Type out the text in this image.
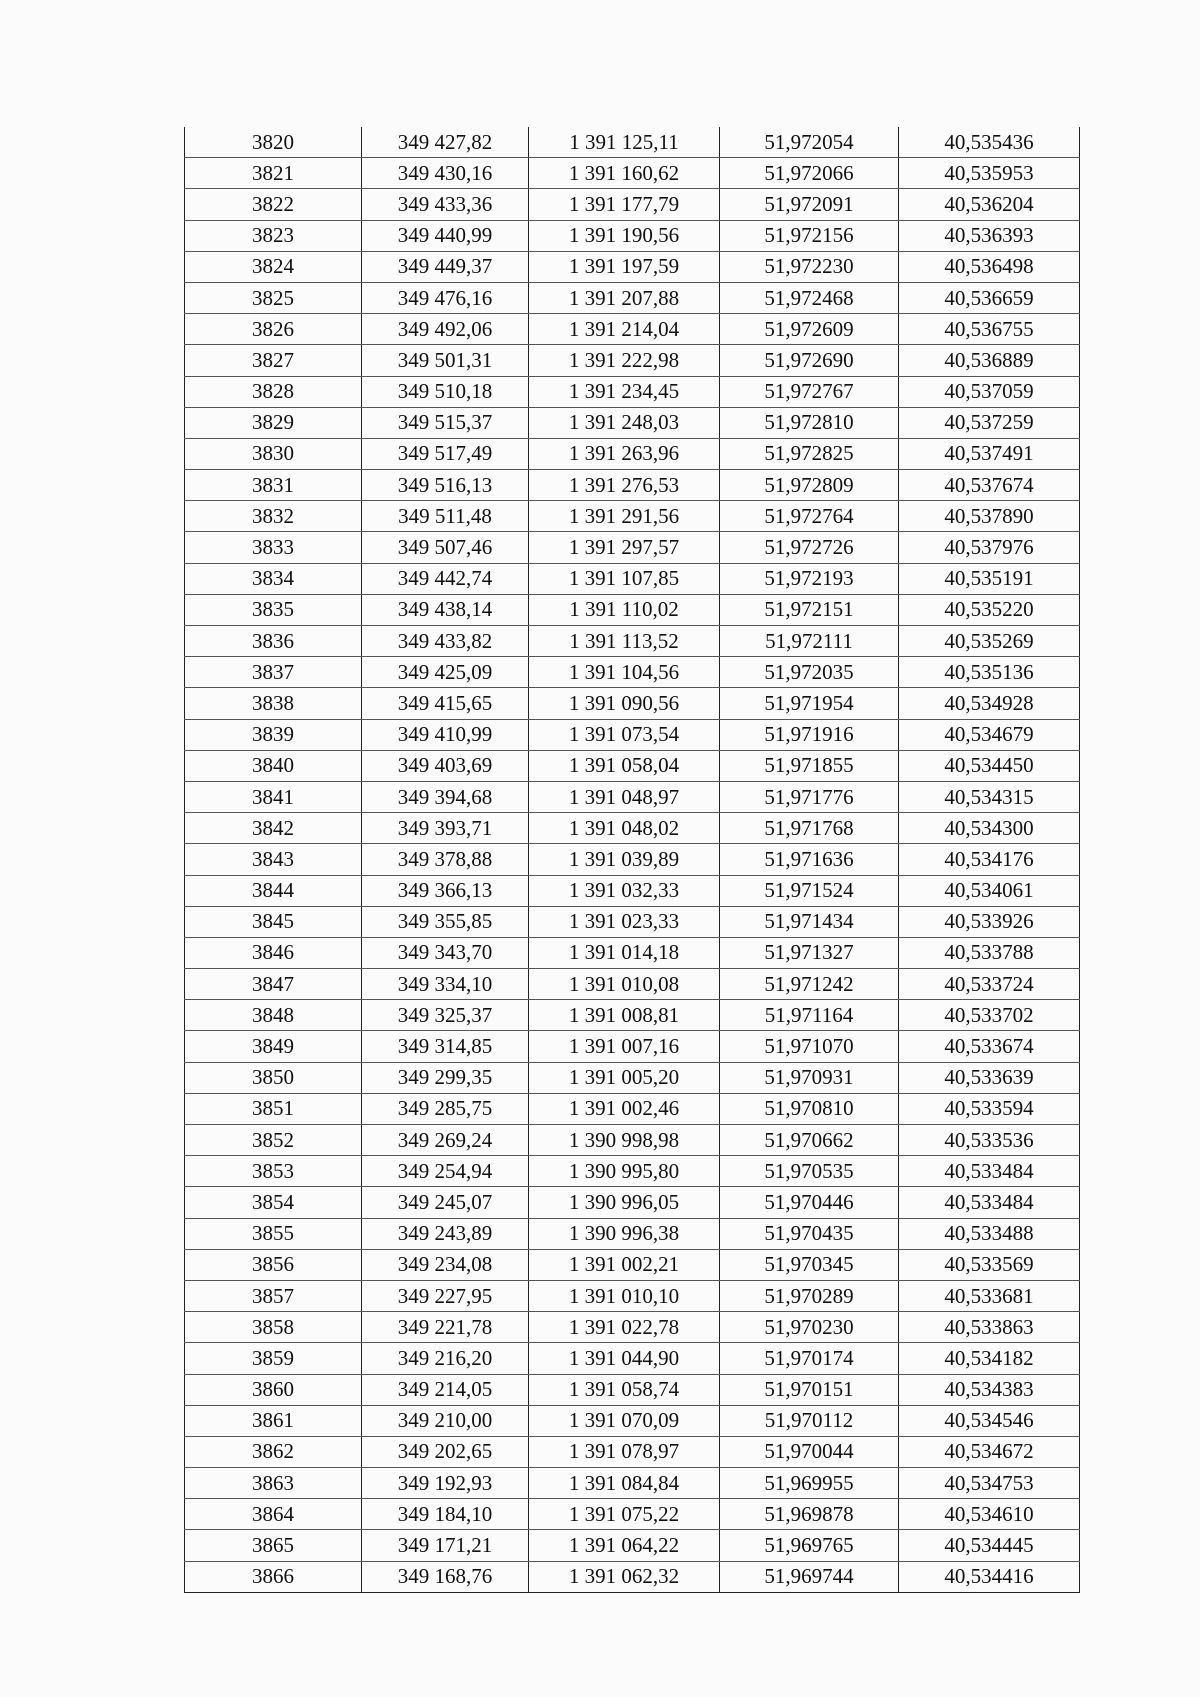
3820	349 427,82	1 391 125,11	51,972054	40,535436
3821	349 430,16	1 391 160,62	51,972066	40,535953
3822	349 433,36	1 391 177,79	51,972091	40,536204
3823	349 440,99	1 391 190,56	51,972156	40,536393
3824	349 449,37	1 391 197,59	51,972230	40,536498
3825	349 476,16	1 391 207,88	51,972468	40,536659
3826	349 492,06	1 391 214,04	51,972609	40,536755
3827	349 501,31	1 391 222,98	51,972690	40,536889
3828	349 510,18	1 391 234,45	51,972767	40,537059
3829	349 515,37	1 391 248,03	51,972810	40,537259
3830	349 517,49	1 391 263,96	51,972825	40,537491
3831	349 516,13	1 391 276,53	51,972809	40,537674
3832	349 511,48	1 391 291,56	51,972764	40,537890
3833	349 507,46	1 391 297,57	51,972726	40,537976
3834	349 442,74	1 391 107,85	51,972193	40,535191
3835	349 438,14	1 391 110,02	51,972151	40,535220
3836	349 433,82	1 391 113,52	51,972111	40,535269
3837	349 425,09	1 391 104,56	51,972035	40,535136
3838	349 415,65	1 391 090,56	51,971954	40,534928
3839	349 410,99	1 391 073,54	51,971916	40,534679
3840	349 403,69	1 391 058,04	51,971855	40,534450
3841	349 394,68	1 391 048,97	51,971776	40,534315
3842	349 393,71	1 391 048,02	51,971768	40,534300
3843	349 378,88	1 391 039,89	51,971636	40,534176
3844	349 366,13	1 391 032,33	51,971524	40,534061
3845	349 355,85	1 391 023,33	51,971434	40,533926
3846	349 343,70	1 391 014,18	51,971327	40,533788
3847	349 334,10	1 391 010,08	51,971242	40,533724
3848	349 325,37	1 391 008,81	51,971164	40,533702
3849	349 314,85	1 391 007,16	51,971070	40,533674
3850	349 299,35	1 391 005,20	51,970931	40,533639
3851	349 285,75	1 391 002,46	51,970810	40,533594
3852	349 269,24	1 390 998,98	51,970662	40,533536
3853	349 254,94	1 390 995,80	51,970535	40,533484
3854	349 245,07	1 390 996,05	51,970446	40,533484
3855	349 243,89	1 390 996,38	51,970435	40,533488
3856	349 234,08	1 391 002,21	51,970345	40,533569
3857	349 227,95	1 391 010,10	51,970289	40,533681
3858	349 221,78	1 391 022,78	51,970230	40,533863
3859	349 216,20	1 391 044,90	51,970174	40,534182
3860	349 214,05	1 391 058,74	51,970151	40,534383
3861	349 210,00	1 391 070,09	51,970112	40,534546
3862	349 202,65	1 391 078,97	51,970044	40,534672
3863	349 192,93	1 391 084,84	51,969955	40,534753
3864	349 184,10	1 391 075,22	51,969878	40,534610
3865	349 171,21	1 391 064,22	51,969765	40,534445
3866	349 168,76	1 391 062,32	51,969744	40,534416
